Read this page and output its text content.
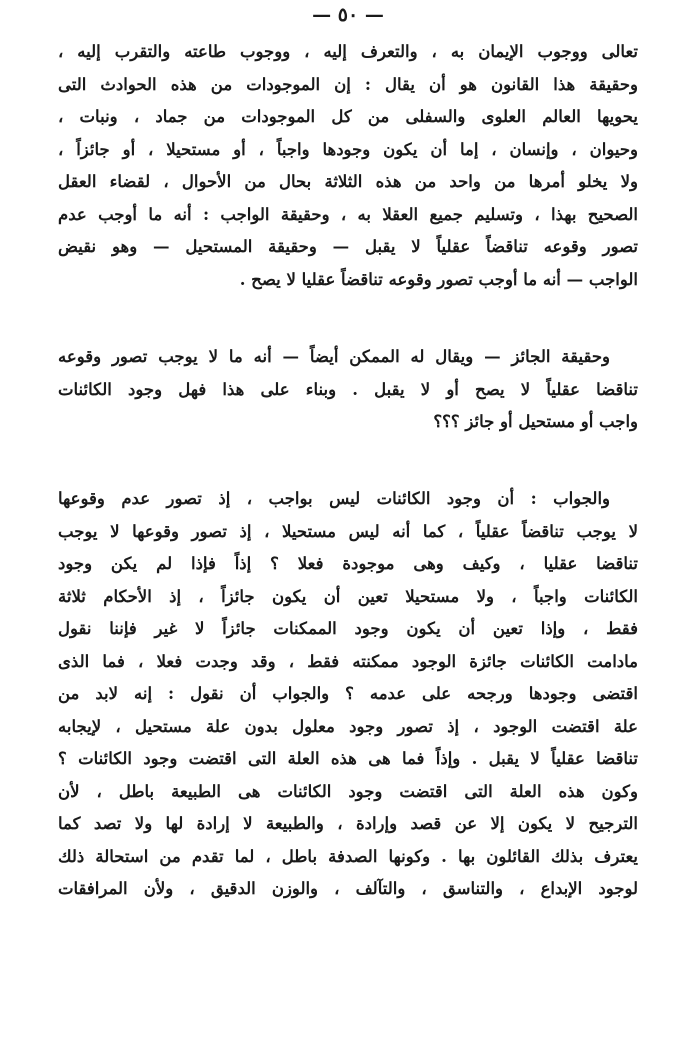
— ٥٠ —
تعالى ووجوب الإيمان به ، والتعرف إليه ، ووجوب طاعته والتقرب إليه ،
وحقيقة هذا القانون هو أن يقال : إن الموجودات من هذه الحوادث التى
يحويها العالم العلوى والسفلى من كل الموجودات من جماد ، ونبات ،
وحيوان ، وإنسان ، إما أن يكون وجودها واجباً ، أو مستحيلا ، أو جائزاً ،
ولا يخلو أمرها من واحد من هذه الثلاثة بحال من الأحوال ، لقضاء العقل
الصحيح بهذا ، وتسليم جميع العقلا به ، وحقيقة الواجب : أنه ما أوجب عدم
تصور وقوعه تناقضاً عقلياً لا يقبل — وحقيقة المستحيل — وهو نقيض
الواجب — أنه ما أوجب تصور وقوعه تناقضاً عقليا لا يصح .
وحقيقة الجائز — ويقال له الممكن أيضاً — أنه ما لا يوجب تصور وقوعه
تناقضا عقلياً لا يصح أو لا يقبل . وبناء على هذا فهل وجود الكائنات
واجب أو مستحيل أو جائز ؟؟؟
والجواب : أن وجود الكائنات ليس بواجب ، إذ تصور عدم وقوعها
لا يوجب تناقضاً عقلياً ، كما أنه ليس مستحيلا ، إذ تصور وقوعها لا يوجب
تناقضا عقليا ، وكيف وهى موجودة فعلا ؟ إذاً فإذا لم يكن وجود
الكائنات واجباً ، ولا مستحيلا تعين أن يكون جائزاً ، إذ الأحكام ثلاثة
فقط ، وإذا تعين أن يكون وجود الممكنات جائزاً لا غير فإننا نقول
مادامت الكائنات جائزة الوجود ممكنته فقط ، وقد وجدت فعلا ، فما الذى
اقتضى وجودها ورجحه على عدمه ؟ والجواب أن نقول : إنه لابد من
علة اقتضت الوجود ، إذ تصور وجود معلول بدون علة مستحيل ، لإيجابه
تناقضا عقلياً لا يقبل . وإذاً فما هى هذه العلة التى اقتضت وجود الكائنات ؟
وكون هذه العلة التى اقتضت وجود الكائنات هى الطبيعة باطل ، لأن
الترجيح لا يكون إلا عن قصد وإرادة ، والطبيعة لا إرادة لها ولا تصد كما
يعترف بذلك القائلون بها . وكونها الصدفة باطل ، لما تقدم من استحالة ذلك
لوجود الإبداع ، والتناسق ، والتآلف ، والوزن الدقيق ، ولأن المرافقات
